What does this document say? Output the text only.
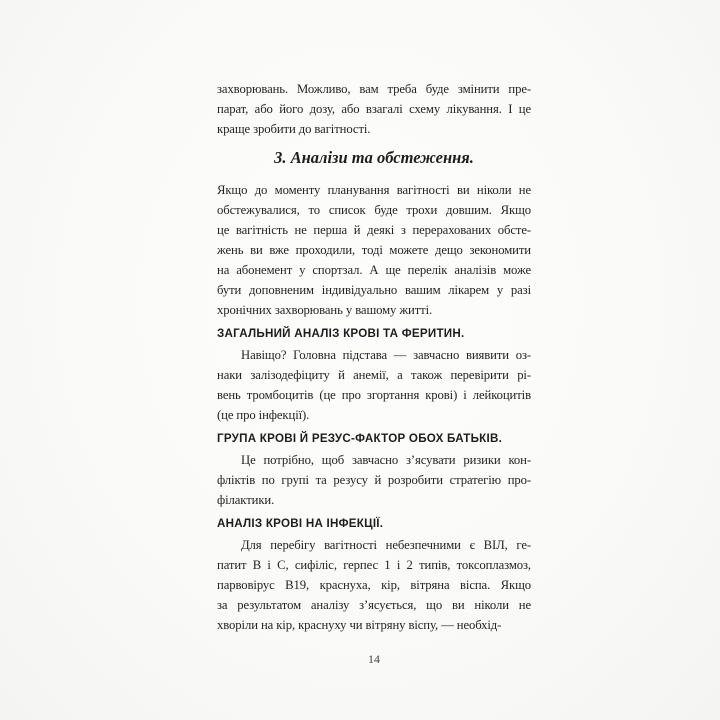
захворювань. Можливо, вам треба буде змінити пре-
парат, або його дозу, або взагалі схему лікування. І це
краще зробити до вагітності.
3. Аналізи та обстеження.
Якщо до моменту планування вагітності ви ніколи не
обстежувалися, то список буде трохи довшим. Якщо
це вагітність не перша й деякі з перерахованих обсте-
жень ви вже проходили, тоді можете дещо зекономити
на абонемент у спортзал. А ще перелік аналізів може
бути доповненим індивідуально вашим лікарем у разі
хронічних захворювань у вашому житті.
ЗАГАЛЬНИЙ АНАЛІЗ КРОВІ ТА ФЕРИТИН.
Навіщо? Головна підстава — завчасно виявити оз-
наки залізодефіциту й анемії, а також перевірити рі-
вень тромбоцитів (це про згортання крові) і лейкоцитів
(це про інфекції).
ГРУПА КРОВІ Й РЕЗУС-ФАКТОР ОБОХ БАТЬКІВ.
Це потрібно, щоб завчасно з’ясувати ризики кон-
фліктів по групі та резусу й розробити стратегію про-
філактики.
АНАЛІЗ КРОВІ НА ІНФЕКЦІЇ.
Для перебігу вагітності небезпечними є ВІЛ, ге-
патит B і C, сифіліс, герпес 1 і 2 типів, токсоплазмоз,
парвовірус B19, краснуха, кір, вітряна віспа. Якщо
за результатом аналізу з’ясується, що ви ніколи не
хворіли на кір, краснуху чи вітряну віспу, — необхід-
14
